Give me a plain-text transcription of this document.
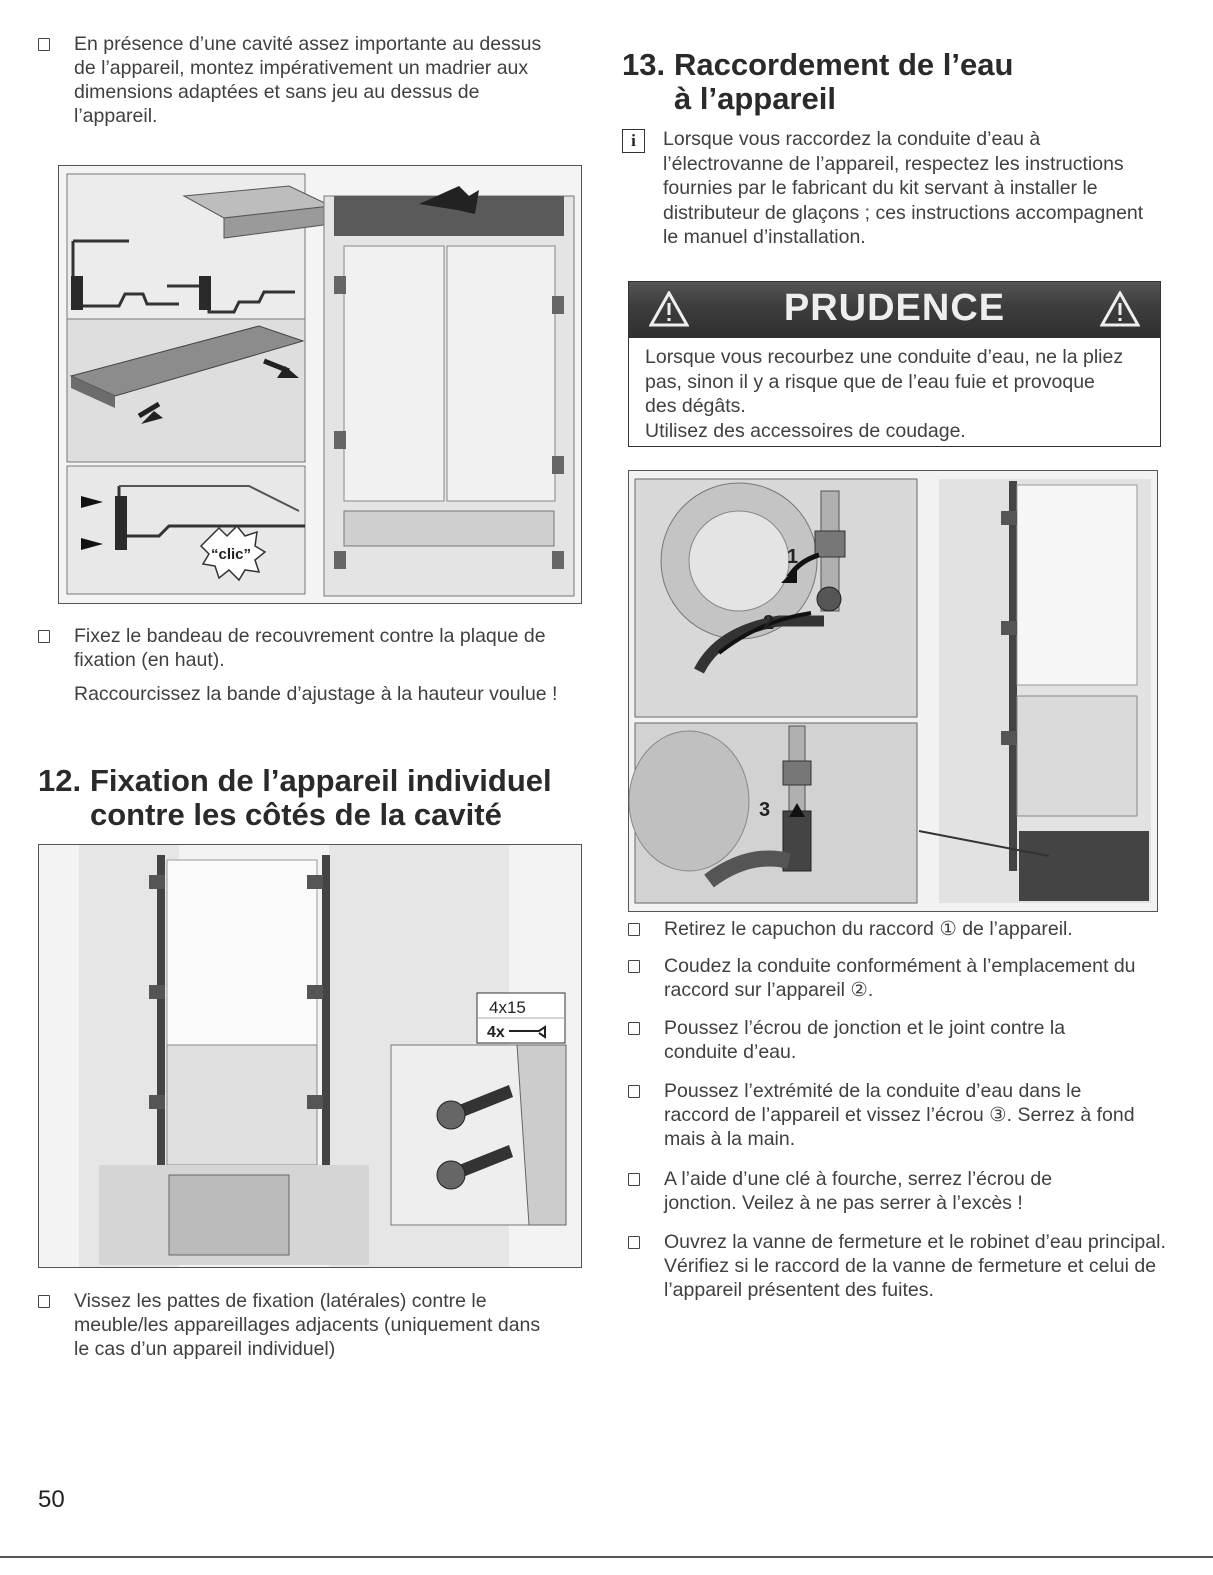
En présence d’une cavité assez importante au dessus de l’appareil, montez impérativement un madrier aux dimensions adaptées et sans jeu au dessus de l’appareil.

“clic”

Fixez le bandeau de recouvrement contre la plaque de fixation (en haut).

Raccourcissez la bande d’ajustage à la hauteur voulue !

12. Fixation de l’appareil individuel
contre les côtés de la cavité
4x15
4x

Vissez les pattes de fixation (latérales) contre le meuble/les appareillages adjacents (uniquement dans le cas d’un appareil individuel)

13. Raccordement de l’eau
à l’appareil
i	Lorsque vous raccordez la conduite d’eau à l’électrovanne de l’appareil, respectez les instructions fournies par le fabricant du kit servant à installer le distributeur de glaçons ; ces instructions accompagnent le manuel d’installation.

PRUDENCE

Lorsque vous recourbez une conduite d’eau, ne la pliez pas, sinon il y a risque que de l’eau fuie et provoque des dégâts.

Utilisez des accessoires de coudage.

1
2
3

Retirez le capuchon du raccord ① de l’appareil.

Coudez la conduite conformément à l’emplacement du raccord sur l’appareil ②.

Poussez l’écrou de jonction et le joint contre la conduite d’eau.

Poussez l’extrémité de la conduite d’eau dans le raccord de l’appareil et vissez l’écrou ③. Serrez à fond mais à la main.

A l’aide d’une clé à fourche, serrez l’écrou de jonction. Veilez à ne pas serrer à l’excès !

Ouvrez la vanne de fermeture et le robinet d’eau principal. Vérifiez si le raccord de la vanne de fermeture et celui de l’appareil présentent des fuites.

50
